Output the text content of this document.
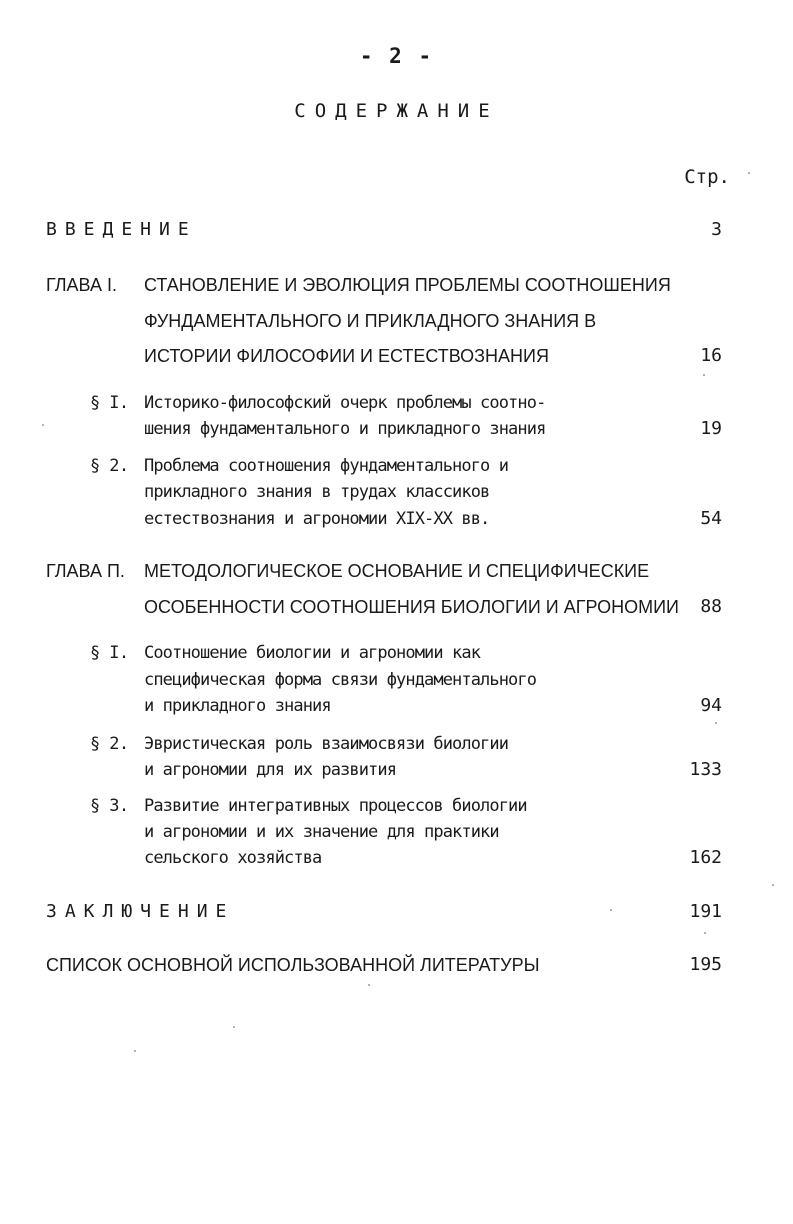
- 2 -
СОДЕРЖАНИЕ
Стр.
ВВЕДЕНИЕ	3
ГЛАВА I. СТАНОВЛЕНИЕ И ЭВОЛЮЦИЯ ПРОБЛЕМЫ СООТНОШЕНИЯ
ФУНДАМЕНТАЛЬНОГО И ПРИКЛАДНОГО ЗНАНИЯ В
ИСТОРИИ ФИЛОСОФИИ И ЕСТЕСТВОЗНАНИЯ	16
§ I. Историко-философский очерк проблемы соотно-
шения фундаментального и прикладного знания	19
§ 2. Проблема соотношения фундаментального и
прикладного знания в трудах классиков
естествознания и агрономии XIX-XX вв.	54
ГЛАВА П. МЕТОДОЛОГИЧЕСКОЕ ОСНОВАНИЕ И СПЕЦИФИЧЕСКИЕ
ОСОБЕННОСТИ СООТНОШЕНИЯ БИОЛОГИИ И АГРОНОМИИ	88
§ I. Соотношение биологии и агрономии как
специфическая форма связи фундаментального
и прикладного знания	94
§ 2. Эвристическая роль взаимосвязи биологии
и агрономии для их развития	133
§ 3. Развитие интегративных процессов биологии
и агрономии и их значение для практики
сельского хозяйства	162
ЗАКЛЮЧЕНИЕ	191
СПИСОК ОСНОВНОЙ ИСПОЛЬЗОВАННОЙ ЛИТЕРАТУРЫ	195
